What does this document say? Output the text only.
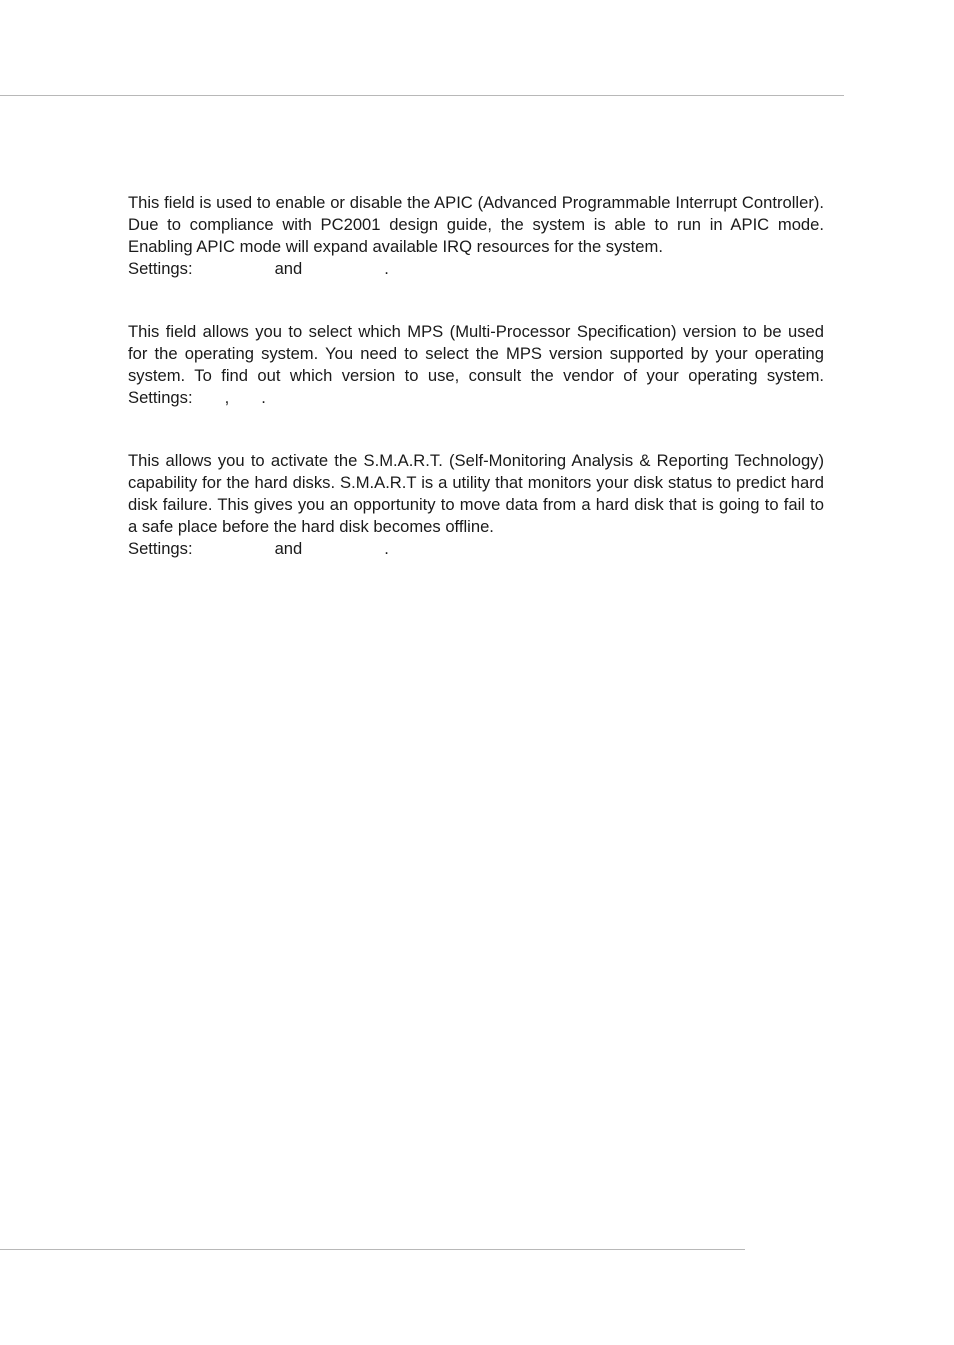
This field is used to enable or disable the APIC (Advanced Programmable Interrupt Controller). Due to compliance with PC2001 design guide, the system is able to run in APIC mode. Enabling APIC mode will expand available IRQ resources for the system.
Settings:	and	.

This field allows you to select which MPS (Multi-Processor Specification) version to be used for the operating system. You need to select the MPS version supported by your operating system. To find out which version to use, consult the vendor of your operating system. Settings: , .

This allows you to activate the S.M.A.R.T. (Self-Monitoring Analysis & Reporting Technology) capability for the hard disks. S.M.A.R.T is a utility that monitors your disk status to predict hard disk failure. This gives you an opportunity to move data from a hard disk that is going to fail to a safe place before the hard disk becomes offline.
Settings:	and	.
